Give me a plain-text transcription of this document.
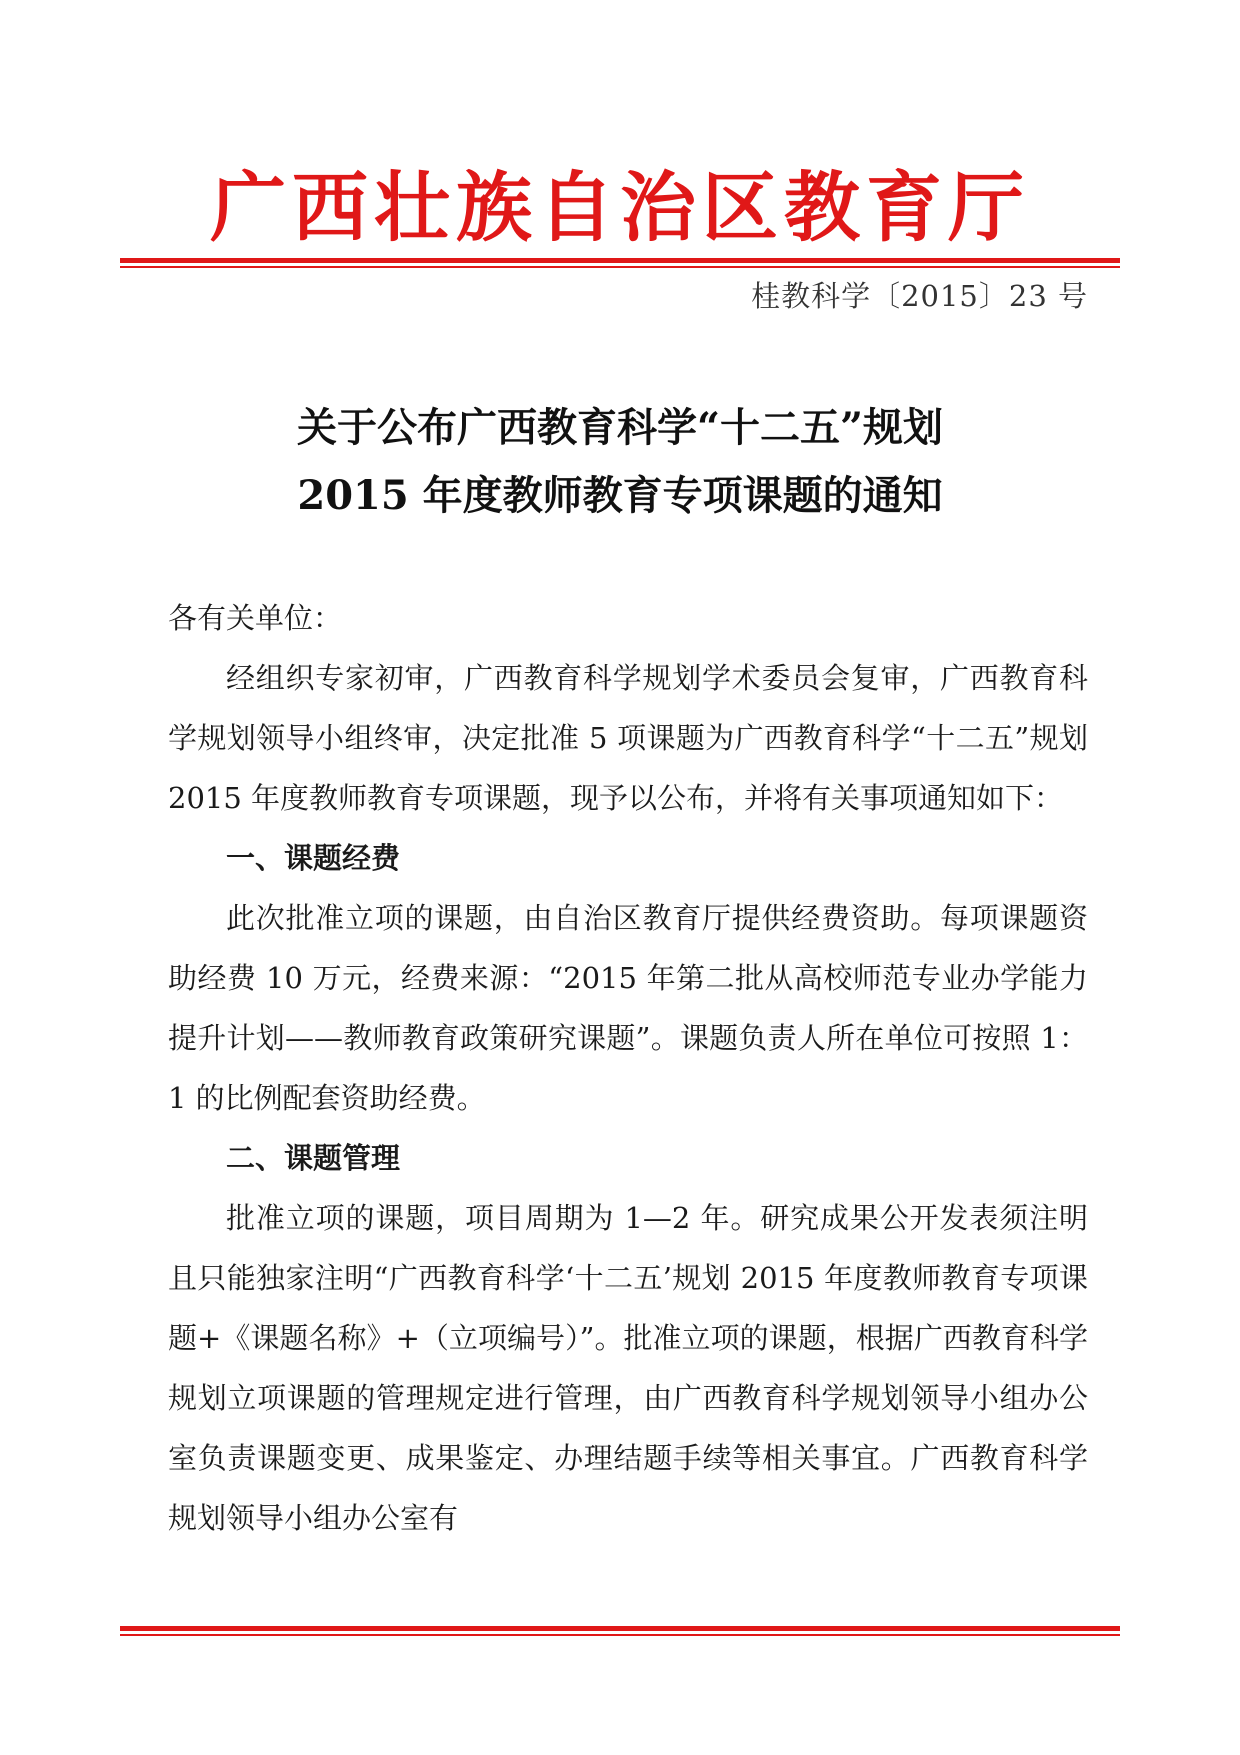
广西壮族自治区教育厅
桂教科学〔2015〕23 号
关于公布广西教育科学“十二五”规划
2015 年度教师教育专项课题的通知

各有关单位：

经组织专家初审，广西教育科学规划学术委员会复审，广西教育科学规划领导小组终审，决定批准 5 项课题为广西教育科学“十二五”规划 2015 年度教师教育专项课题，现予以公布，并将有关事项通知如下：

一、课题经费

此次批准立项的课题，由自治区教育厅提供经费资助。每项课题资助经费 10 万元，经费来源：“2015 年第二批从高校师范专业办学能力提升计划——教师教育政策研究课题”。课题负责人所在单位可按照 1：1 的比例配套资助经费。

二、课题管理

批准立项的课题，项目周期为 1—2 年。研究成果公开发表须注明且只能独家注明“广西教育科学‘十二五’规划 2015 年度教师教育专项课题+《课题名称》+（立项编号）”。批准立项的课题，根据广西教育科学规划立项课题的管理规定进行管理，由广西教育科学规划领导小组办公室负责课题变更、成果鉴定、办理结题手续等相关事宜。广西教育科学规划领导小组办公室有
